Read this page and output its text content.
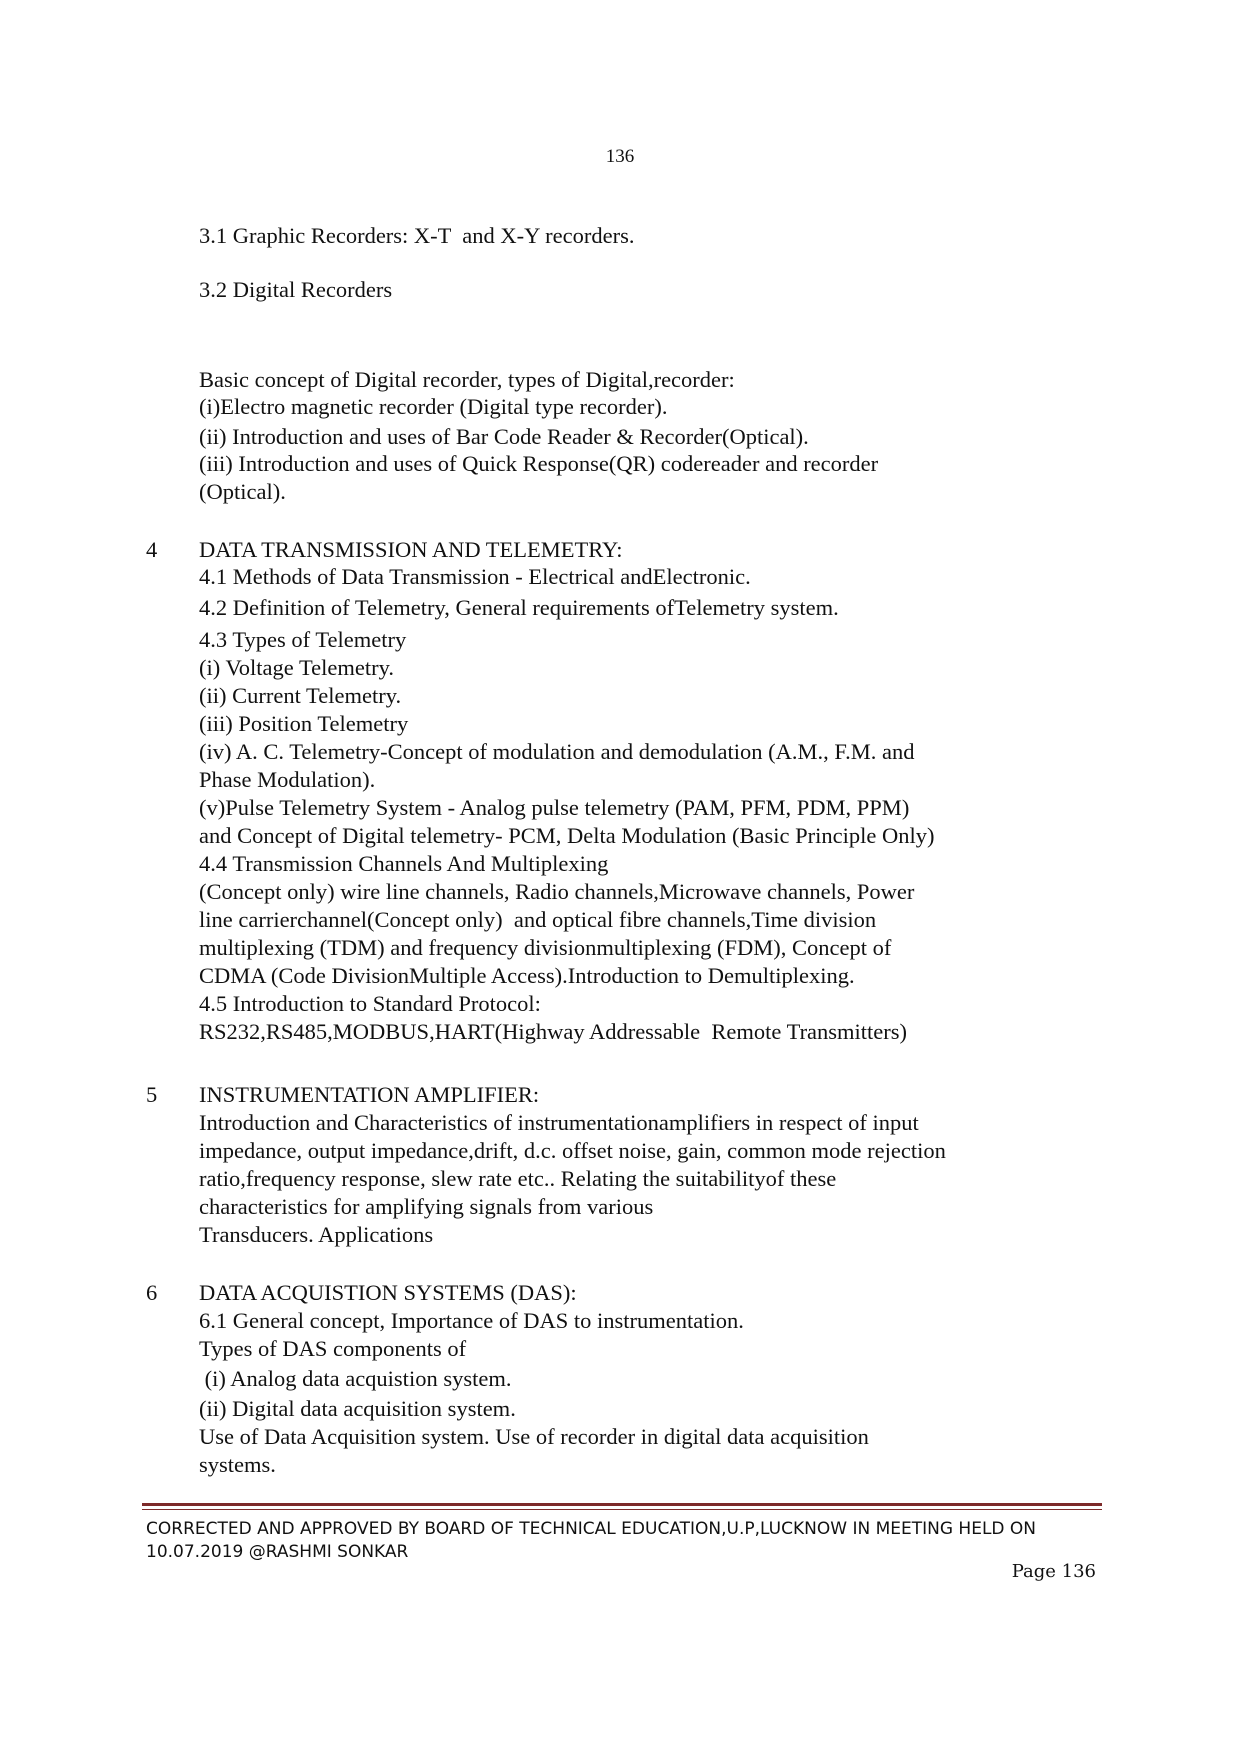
136

3.1 Graphic Recorders: X-T  and X-Y recorders.

3.2 Digital Recorders

Basic concept of Digital recorder, types of Digital,recorder:

(i)Electro magnetic recorder (Digital type recorder).

(ii) Introduction and uses of Bar Code Reader & Recorder(Optical).

(iii) Introduction and uses of Quick Response(QR) codereader and recorder

(Optical).

4 DATA TRANSMISSION AND TELEMETRY:

4.1 Methods of Data Transmission - Electrical andElectronic.

4.2 Definition of Telemetry, General requirements ofTelemetry system.

4.3 Types of Telemetry

(i) Voltage Telemetry.

(ii) Current Telemetry.

(iii) Position Telemetry

(iv) A. C. Telemetry-Concept of modulation and demodulation (A.M., F.M. and

Phase Modulation).

(v)Pulse Telemetry System - Analog pulse telemetry (PAM, PFM, PDM, PPM)

and Concept of Digital telemetry- PCM, Delta Modulation (Basic Principle Only)

4.4 Transmission Channels And Multiplexing

(Concept only) wire line channels, Radio channels,Microwave channels, Power

line carrierchannel(Concept only)  and optical fibre channels,Time division

multiplexing (TDM) and frequency divisionmultiplexing (FDM), Concept of

CDMA (Code DivisionMultiple Access).Introduction to Demultiplexing.

4.5 Introduction to Standard Protocol:

RS232,RS485,MODBUS,HART(Highway Addressable  Remote Transmitters)

5 INSTRUMENTATION AMPLIFIER:

Introduction and Characteristics of instrumentationamplifiers in respect of input

impedance, output impedance,drift, d.c. offset noise, gain, common mode rejection

ratio,frequency response, slew rate etc.. Relating the suitabilityof these

characteristics for amplifying signals from various

Transducers. Applications

6 DATA ACQUISTION SYSTEMS (DAS):

6.1 General concept, Importance of DAS to instrumentation.

Types of DAS components of

(i) Analog data acquistion system.

(ii) Digital data acquisition system.

Use of Data Acquisition system. Use of recorder in digital data acquisition

systems.

CORRECTED AND APPROVED BY BOARD OF TECHNICAL EDUCATION,U.P,LUCKNOW IN MEETING HELD ON

10.07.2019 @RASHMI SONKAR

Page 136
